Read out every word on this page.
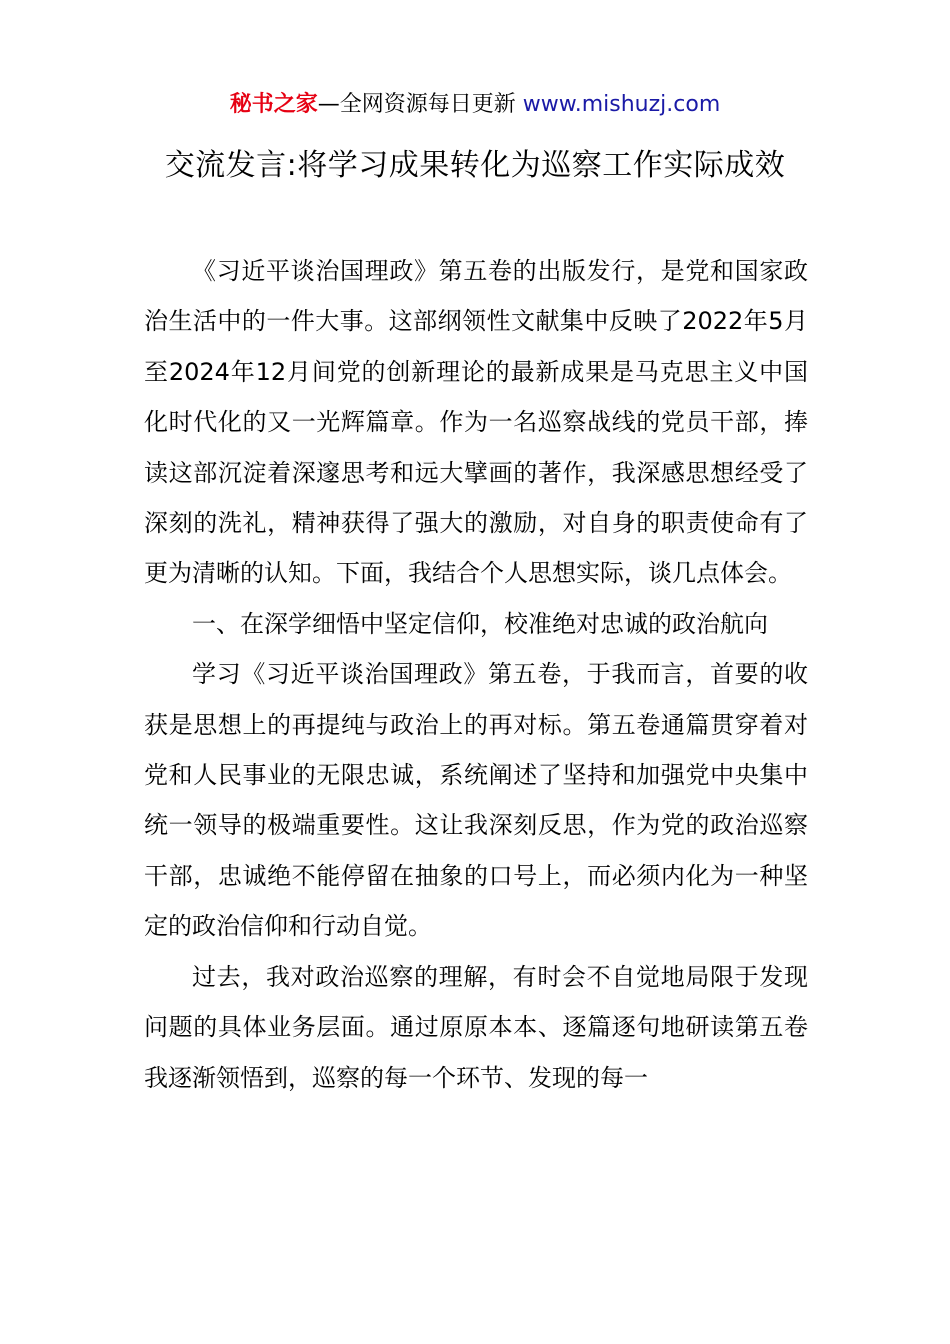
秘书之家—全网资源每日更新 www.mishuzj.com
交流发言:将学习成果转化为巡察工作实际成效

《习近平谈治国理政》第五卷的出版发行，是党和国家政治生活中的一件大事。这部纲领性文献集中反映了2022年5月至2024年12月间党的创新理论的最新成果是马克思主义中国化时代化的又一光辉篇章。作为一名巡察战线的党员干部，捧读这部沉淀着深邃思考和远大擘画的著作，我深感思想经受了深刻的洗礼，精神获得了强大的激励，对自身的职责使命有了更为清晰的认知。下面，我结合个人思想实际，谈几点体会。

一、在深学细悟中坚定信仰，校准绝对忠诚的政治航向

学习《习近平谈治国理政》第五卷，于我而言，首要的收获是思想上的再提纯与政治上的再对标。第五卷通篇贯穿着对党和人民事业的无限忠诚，系统阐述了坚持和加强党中央集中统一领导的极端重要性。这让我深刻反思，作为党的政治巡察干部，忠诚绝不能停留在抽象的口号上，而必须内化为一种坚定的政治信仰和行动自觉。

过去，我对政治巡察的理解，有时会不自觉地局限于发现问题的具体业务层面。通过原原本本、逐篇逐句地研读第五卷我逐渐领悟到，巡察的每一个环节、发现的每一
